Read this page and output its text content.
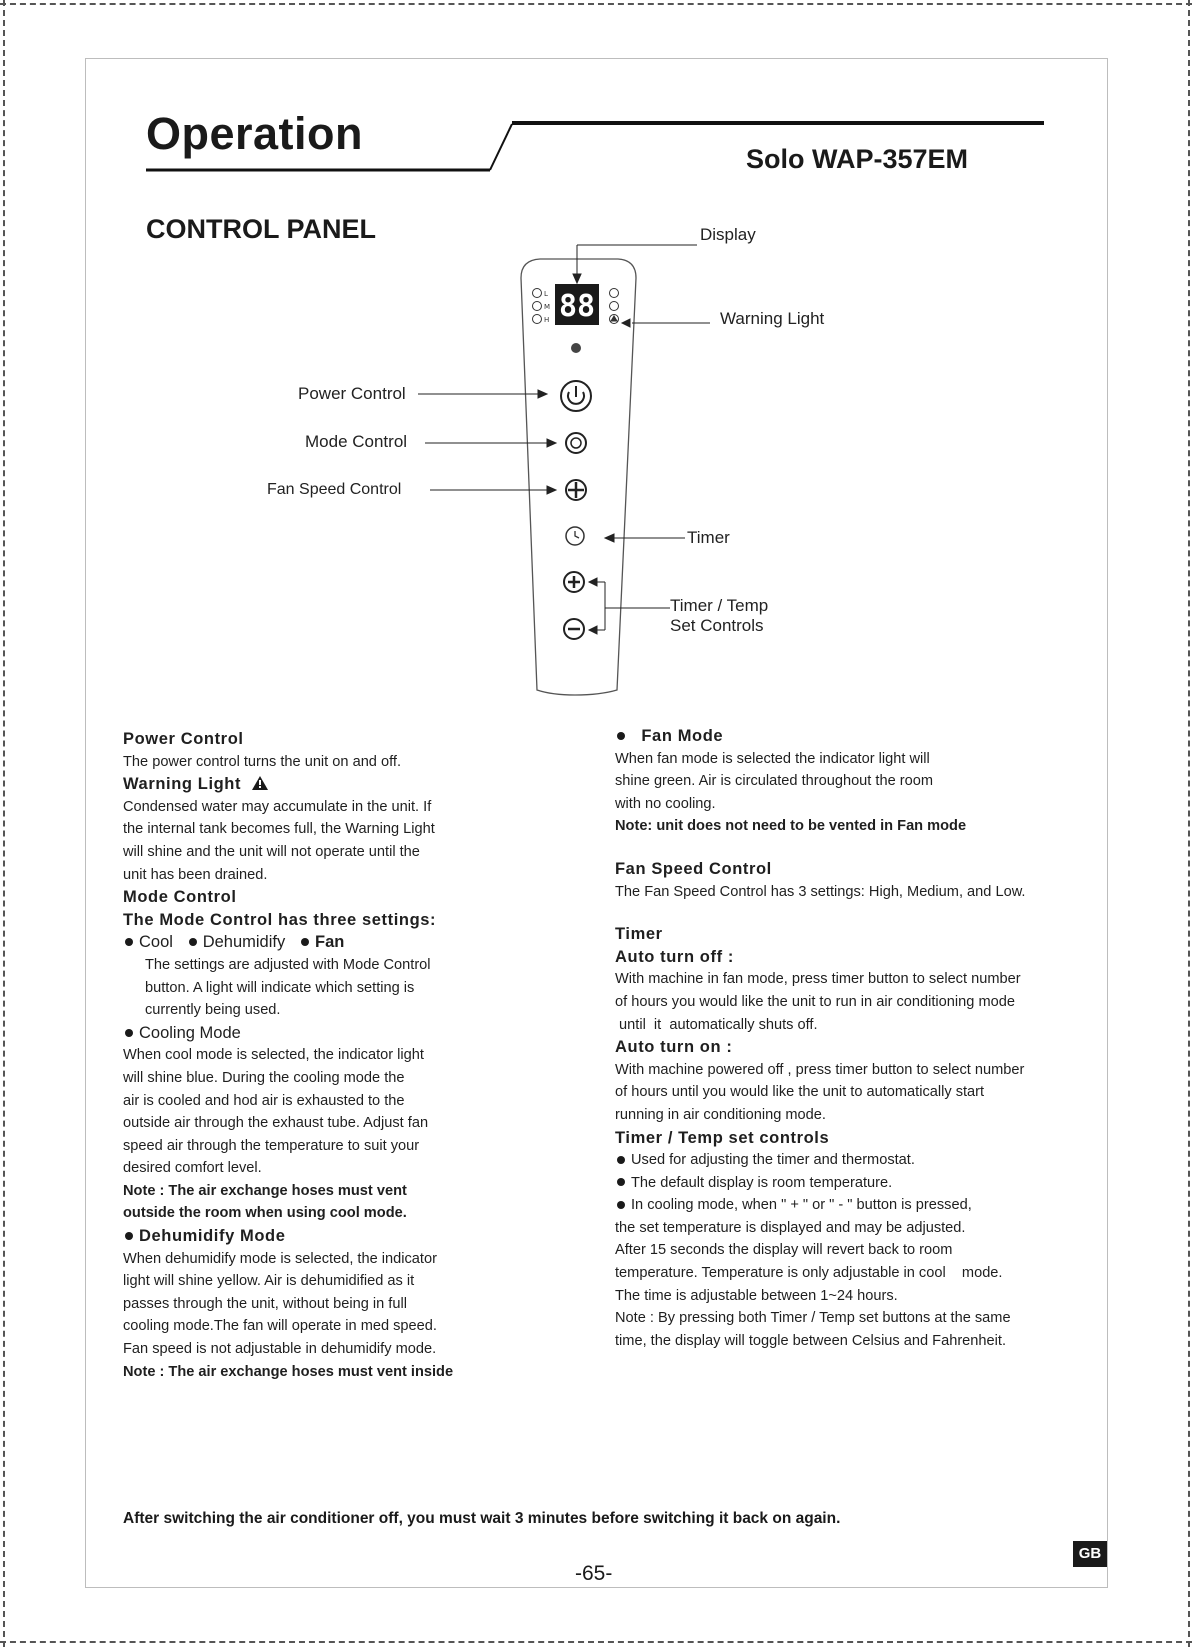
Operation	Solo WAP-357EM
CONTROL PANEL
88
L
M
H
Display
Warning Light
Power Control
Mode Control
Fan Speed Control
Timer
Timer / Temp
Set Controls

Power Control

The power control turns the unit on and off.

Warning Light

Condensed water may accumulate in the unit. If

the internal tank becomes full, the Warning Light

will shine and the unit will not operate until the

unit has been drained.

Mode Control

The Mode Control has three settings:

Cool Dehumidify Fan

The settings are adjusted with Mode Control

button. A light will indicate which setting is

currently being used.

Cooling Mode

When cool mode is selected, the indicator light

will shine blue. During the cooling mode the

air is cooled and hod air is exhausted to the

outside air through the exhaust tube. Adjust fan

speed air through the temperature to suit your

desired comfort level.

Note : The air exchange hoses must vent

outside the room when using cool mode.

Dehumidify Mode

When dehumidify mode is selected, the indicator

light will shine yellow. Air is dehumidified as it

passes through the unit, without being in full

cooling mode.The fan will operate in med speed.

Fan speed is not adjustable in dehumidify mode.

Note : The air exchange hoses must vent inside

Fan Mode

When fan mode is selected the indicator light will

shine green. Air is circulated throughout the room

with no cooling.

Note: unit does not need to be vented in Fan mode

Fan Speed Control

The Fan Speed Control has 3 settings: High, Medium, and Low.

Timer

Auto turn off :

With machine in fan mode, press timer button to select number

of hours you would like the unit to run in air conditioning mode

until  it  automatically shuts off.

Auto turn on :

With machine powered off , press timer button to select number

of hours until you would like the unit to automatically start

running in air conditioning mode.

Timer / Temp set controls

Used for adjusting the timer and thermostat.

The default display is room temperature.

In cooling mode, when " + " or " - " button is pressed,

the set temperature is displayed and may be adjusted.

After 15 seconds the display will revert back to room

temperature. Temperature is only adjustable in cool    mode.

The time is adjustable between 1~24 hours.

Note : By pressing both Timer / Temp set buttons at the same

time, the display will toggle between Celsius and Fahrenheit.

After switching the air conditioner off, you must wait 3 minutes before switching it back on again.
-65-
GB
